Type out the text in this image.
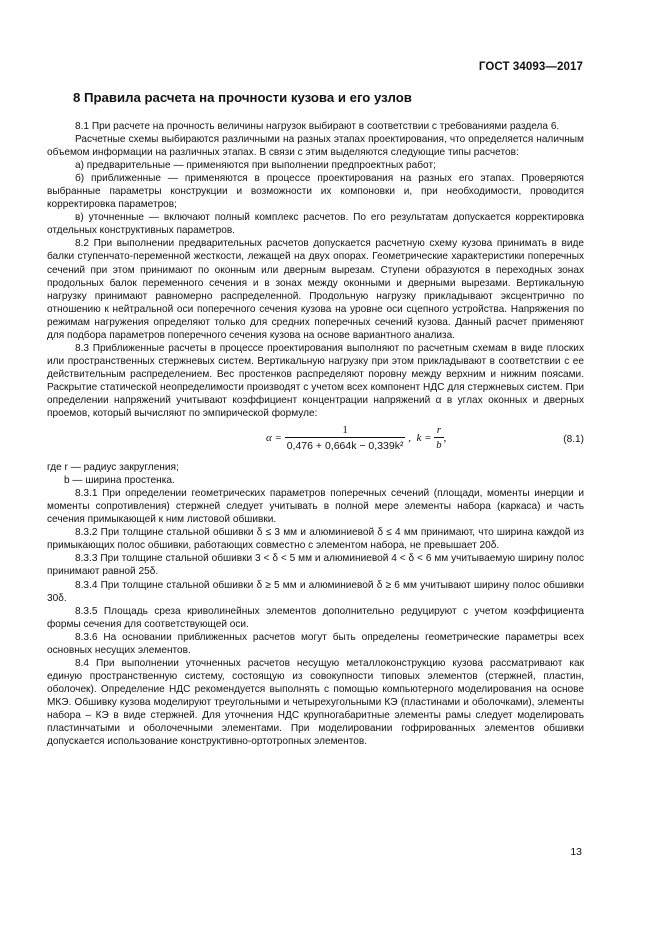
ГОСТ 34093—2017
8 Правила расчета на прочности кузова и его узлов

8.1 При расчете на прочность величины нагрузок выбирают в соответствии с требованиями раздела 6.

Расчетные схемы выбираются различными на разных этапах проектирования, что определяется наличным объемом информации на различных этапах. В связи с этим выделяются следующие типы расчетов:

а) предварительные — применяются при выполнении предпроектных работ;

б) приближенные — применяются в процессе проектирования на разных его этапах. Проверяются выбранные параметры конструкции и возможности их компоновки и, при необходимости, проводится корректировка параметров;

в) уточненные — включают полный комплекс расчетов. По его результатам допускается корректировка отдельных конструктивных параметров.

8.2 При выполнении предварительных расчетов допускается расчетную схему кузова принимать в виде балки ступенчато-переменной жесткости, лежащей на двух опорах. Геометрические характеристики поперечных сечений при этом принимают по оконным или дверным вырезам. Ступени образуются в переходных зонах продольных балок переменного сечения и в зонах между оконными и дверными вырезами. Вертикальную нагрузку принимают равномерно распределенной. Продольную нагрузку прикладывают эксцентрично по отношению к нейтральной оси поперечного сечения кузова на уровне оси сцепного устройства. Напряжения по режимам нагружения определяют только для средних поперечных сечений кузова. Данный расчет применяют для подбора параметров поперечного сечения кузова на основе вариантного анализа.

8.3 Приближенные расчеты в процессе проектирования выполняют по расчетным схемам в виде плоских или пространственных стержневых систем. Вертикальную нагрузку при этом прикладывают в соответствии с ее действительным распределением. Вес простенков распределяют поровну между верхним и нижним поясами. Раскрытие статической неопределимости производят с учетом всех компонент НДС для стержневых систем. При определении напряжений учитывают коэффициент концентрации напряжений α в углах оконных и дверных проемов, который вычисляют по эмпирической формуле:

$\alpha = \frac{1}{\text{0,476 + 0,664k − 0,339k²}}$ , $k = \frac{r}{b}$ ,	(8.1)

где r — радиус закругления;

b — ширина простенка.

8.3.1 При определении геометрических параметров поперечных сечений (площади, моменты инерции и моменты сопротивления) стержней следует учитывать в полной мере элементы набора (каркаса) и часть сечения примыкающей к ним листовой обшивки.

8.3.2 При толщине стальной обшивки δ ≤ 3 мм и алюминиевой δ ≤ 4 мм принимают, что ширина каждой из примыкающих полос обшивки, работающих совместно с элементом набора, не превышает 20δ.

8.3.3 При толщине стальной обшивки 3 < δ < 5 мм и алюминиевой 4 < δ < 6 мм учитываемую ширину полос принимают равной 25δ.

8.3.4 При толщине стальной обшивки δ ≥ 5 мм и алюминиевой δ ≥ 6 мм учитывают ширину полос обшивки 30δ.

8.3.5 Площадь среза криволинейных элементов дополнительно редуцируют с учетом коэффициента формы сечения для соответствующей оси.

8.3.6 На основании приближенных расчетов могут быть определены геометрические параметры всех основных несущих элементов.

8.4 При выполнении уточненных расчетов несущую металлоконструкцию кузова рассматривают как единую пространственную систему, состоящую из совокупности типовых элементов (стержней, пластин, оболочек). Определение НДС рекомендуется выполнять с помощью компьютерного моделирования на основе МКЭ. Обшивку кузова моделируют треугольными и четырехугольными КЭ (пластинами и оболочками), элементы набора – КЭ в виде стержней. Для уточнения НДС крупногабаритные элементы рамы следует моделировать пластинчатыми и оболочечными элементами. При моделировании гофрированных элементов обшивки допускается использование конструктивно-ортотропных элементов.

13
